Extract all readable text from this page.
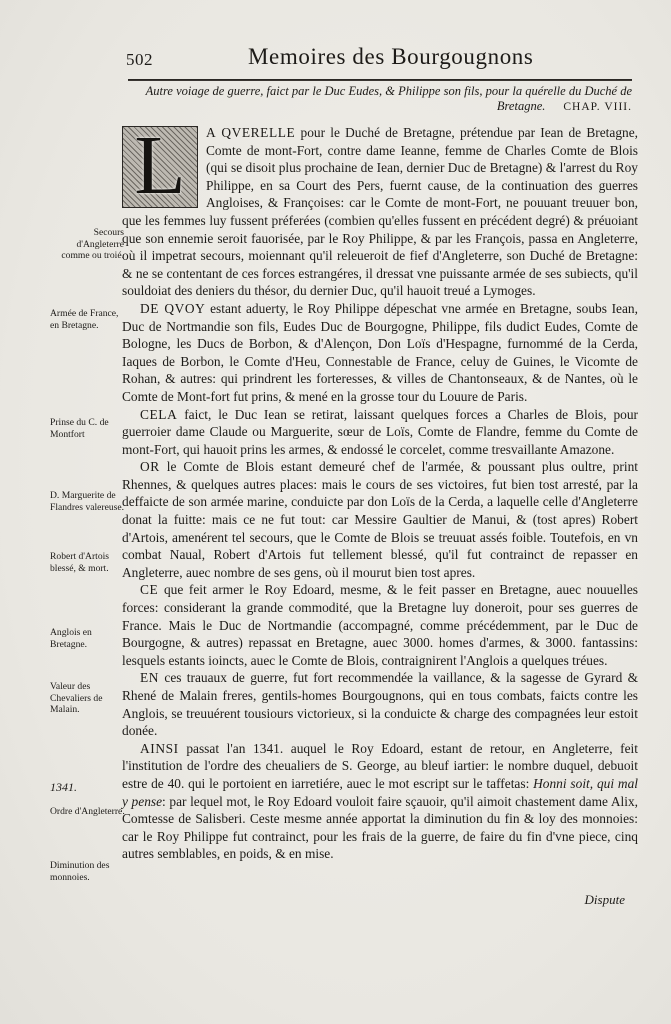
502	Memoires des Bourgougnons
Autre voiage de guerre, faict par le Duc Eudes, & Philippe son fils, pour la quérelle du Duché de Bretagne. CHAP. VIII.
Secours d'Angleterre comme ou troié.
Armée de France, en Bretagne.
Prinse du C. de Montfort
D. Marguerite de Flandres valereuse.
Robert d'Artois blessé, & mort.
Anglois en Bretagne.
Valeur des Chevaliers de Malain.
1341.
Ordre d'Angleterre.
Diminution des monnoies.

L	A QVERELLE pour le Duché de Bretagne, prétendue par Iean de Bretagne, Comte de mont-Fort, contre dame Ieanne, femme de Charles Comte de Blois (qui se disoit plus prochaine de Iean, dernier Duc de Bretagne) & l'arrest du Roy Philippe, en sa Court des Pers, fuernt cause, de la continuation des guerres Angloises, & Françoises: car le Comte de mont-Fort, ne pouuant treuuer bon, que les femmes luy fussent préferées (combien qu'elles fussent en précédent degré) & préuoiant que son ennemie seroit fauorisée, par le Roy Philippe, & par les François, passa en Angleterre, où il impetrat secours, moiennant qu'il releueroit de fief d'Angleterre, son Duché de Bretagne: & ne se contentant de ces forces estrangéres, il dressat vne puissante armée de ses subiects, qu'il souldoiat des deniers du thésor, du dernier Duc, qu'il hauoit treué a Lymoges.

DE QVOY estant aduerty, le Roy Philippe dépeschat vne armée en Bretagne, soubs Iean, Duc de Nortmandie son fils, Eudes Duc de Bourgogne, Philippe, fils dudict Eudes, Comte de Bologne, les Ducs de Borbon, & d'Alençon, Don Loïs d'Hespagne, furnommé de la Cerda, Iaques de Borbon, le Comte d'Heu, Connestable de France, celuy de Guines, le Vicomte de Rohan, & autres: qui prindrent les forteresses, & villes de Chantonseaux, & de Nantes, où le Comte de Mont-fort fut prins, & mené en la grosse tour du Louure de Paris.

CELA faict, le Duc Iean se retirat, laissant quelques forces a Charles de Blois, pour guerroier dame Claude ou Marguerite, sœur de Loïs, Comte de Flandre, femme du Comte de mont-Fort, qui hauoit prins les armes, & endossé le corcelet, comme tresvaillante Amazone.

OR le Comte de Blois estant demeuré chef de l'armée, & poussant plus oultre, print Rhennes, & quelques autres places: mais le cours de ses victoires, fut bien tost arresté, par la deffaicte de son armée marine, conduicte par don Loïs de la Cerda, a laquelle celle d'Angleterre donat la fuitte: mais ce ne fut tout: car Messire Gaultier de Manui, & (tost apres) Robert d'Artois, amenérent tel secours, que le Comte de Blois se treuuat assés foible. Toutefois, en vn combat Naual, Robert d'Artois fut tellement blessé, qu'il fut contrainct de repasser en Angleterre, auec nombre de ses gens, où il mourut bien tost apres.

CE que feit armer le Roy Edoard, mesme, & le feit passer en Bretagne, auec nouuelles forces: considerant la grande commodité, que la Bretagne luy doneroit, pour ses guerres de France. Mais le Duc de Nortmandie (accompagné, comme précédemment, par le Duc de Bourgogne, & autres) repassat en Bretagne, auec 3000. homes d'armes, & 3000. fantassins: lesquels estants ioincts, auec le Comte de Blois, contraignirent l'Anglois a quelques tréues.

EN ces trauaux de guerre, fut fort recommendée la vaillance, & la sagesse de Gyrard & Rhené de Malain freres, gentils-homes Bourgougnons, qui en tous combats, faicts contre les Anglois, se treuuérent tousiours victorieux, si la conduicte & charge des compagnées leur estoit donée.

AINSI passat l'an 1341. auquel le Roy Edoard, estant de retour, en Angleterre, feit l'institution de l'ordre des cheualiers de S. George, au bleuf iartier: le nombre duquel, debuoit estre de 40. qui le portoient en iarretiére, auec le mot escript sur le taffetas: Honni soit, qui mal y pense: par lequel mot, le Roy Edoard vouloit faire sçauoir, qu'il aimoit chastement dame Alix, Comtesse de Salisberi. Ceste mesme année apportat la diminution du fin & loy des monnoies: car le Roy Philippe fut contrainct, pour les frais de la guerre, de faire du fin d'vne piece, cinq autres semblables, en poids, & en mise.

Dispute
